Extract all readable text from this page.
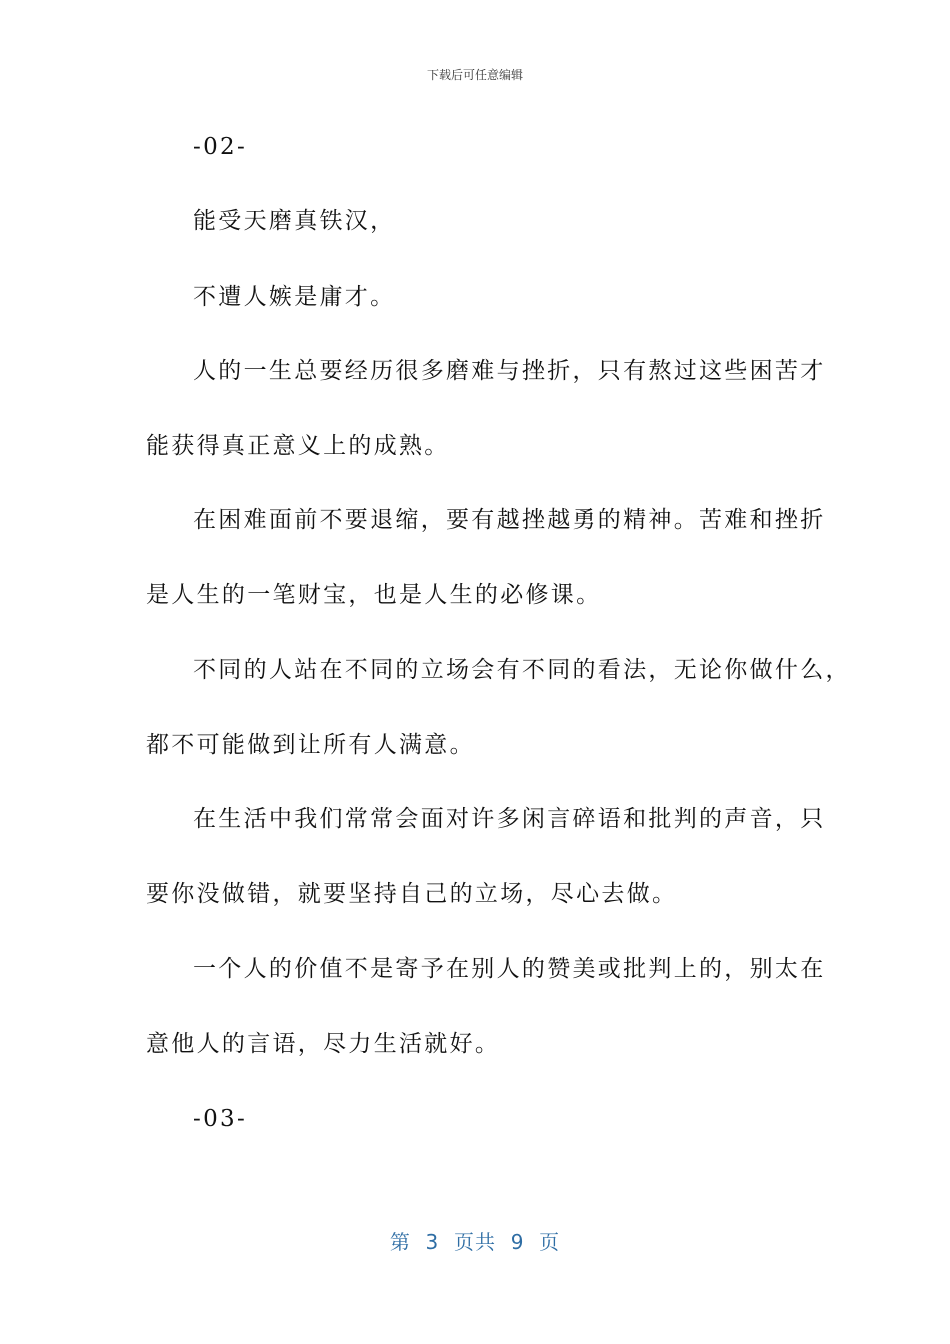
下载后可任意编辑
-02-
能受天磨真铁汉，
不遭人嫉是庸才。
人的一生总要经历很多磨难与挫折，只有熬过这些困苦才
能获得真正意义上的成熟。
在困难面前不要退缩，要有越挫越勇的精神。苦难和挫折
是人生的一笔财宝，也是人生的必修课。
不同的人站在不同的立场会有不同的看法，无论你做什么，
都不可能做到让所有人满意。
在生活中我们常常会面对许多闲言碎语和批判的声音，只
要你没做错，就要坚持自己的立场，尽心去做。
一个人的价值不是寄予在别人的赞美或批判上的，别太在
意他人的言语，尽力生活就好。
-03-
第  3  页共  9  页
